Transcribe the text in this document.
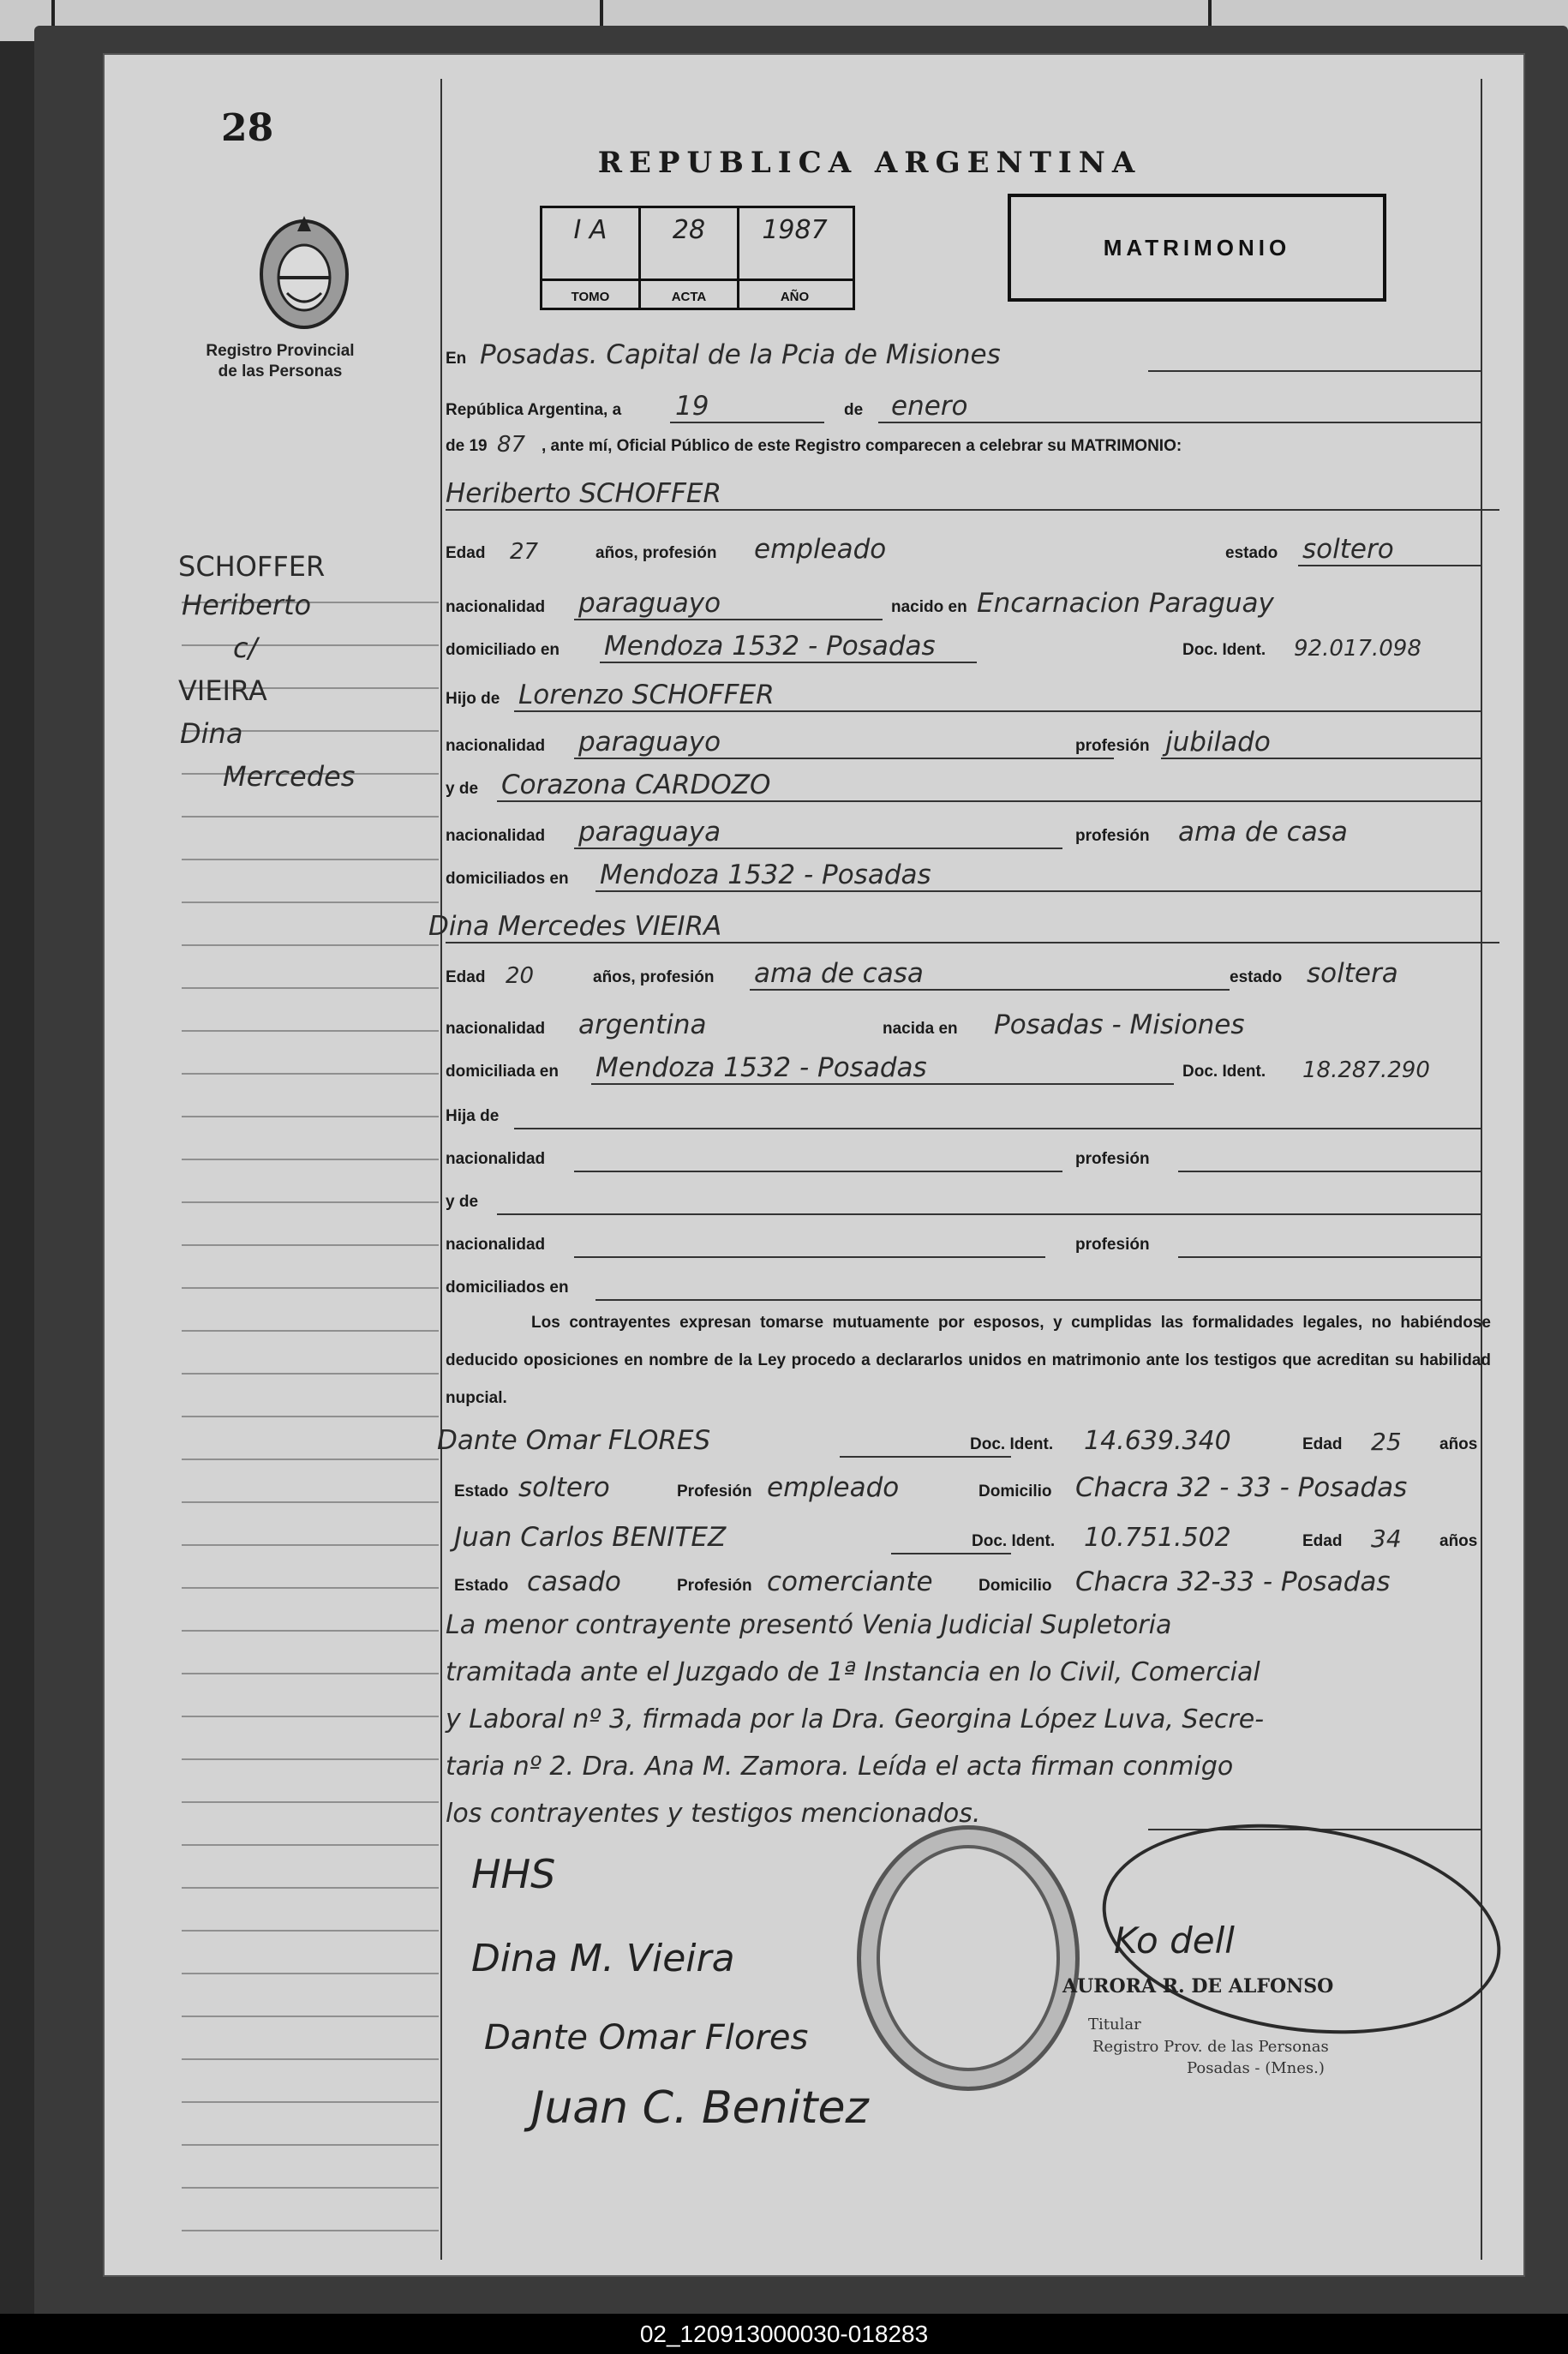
28
Registro Provincial
de las Personas
SCHOFFER
Heriberto
c/
VIEIRA
Dina
Mercedes
REPUBLICA ARGENTINA
MATRIMONIO
I A
TOMO
28
ACTA
1987
AÑO
En Posadas. Capital de la Pcia de Misiones
República Argentina, a 19	de enero
de 19 87 , ante mí, Oficial Público de este Registro comparecen a celebrar su MATRIMONIO:
Heriberto SCHOFFER
Edad 27	años, profesión empleado	estado soltero
nacionalidad paraguayo	nacido en Encarnacion Paraguay
domiciliado en Mendoza 1532 - Posadas	Doc. Ident. 92.017.098
Hijo de Lorenzo SCHOFFER
nacionalidad paraguayo	profesión jubilado
y de Corazona CARDOZO
nacionalidad paraguaya	profesión ama de casa
domiciliados en Mendoza 1532 - Posadas
Dina Mercedes VIEIRA
Edad 20	años, profesión ama de casa	estado soltera
nacionalidad argentina	nacida en Posadas - Misiones
domiciliada en Mendoza 1532 - Posadas	Doc. Ident. 18.287.290
Hija de
nacionalidad	profesión
y de
nacionalidad	profesión
domiciliados en
Los contrayentes expresan tomarse mutuamente por esposos, y cumplidas las formalidades legales, no habiéndose deducido oposiciones en nombre de la Ley procedo a declararlos unidos en matrimonio ante los testigos que acreditan su habilidad nupcial.
Dante Omar FLORES	Doc. Ident. 14.639.340	Edad 25 años
Estado soltero	Profesión empleado	Domicilio Chacra 32 - 33 - Posadas
Juan Carlos BENITEZ	Doc. Ident. 10.751.502	Edad 34 años
Estado casado	Profesión comerciante	Domicilio Chacra 32-33 - Posadas
La menor contrayente presentó Venia Judicial Supletoria
tramitada ante el Juzgado de 1ª Instancia en lo Civil, Comercial
y Laboral nº 3, firmada por la Dra. Georgina López Luva, Secre-
taria nº 2. Dra. Ana M. Zamora. Leída el acta firman conmigo
los contrayentes y testigos mencionados.
HHS
Dina M. Vieira
Dante Omar Flores
Juan C. Benitez
Ko dell
AURORA R. DE ALFONSO
Titular
Registro Prov. de las Personas
Posadas - (Mnes.)
02_120913000030-018283
